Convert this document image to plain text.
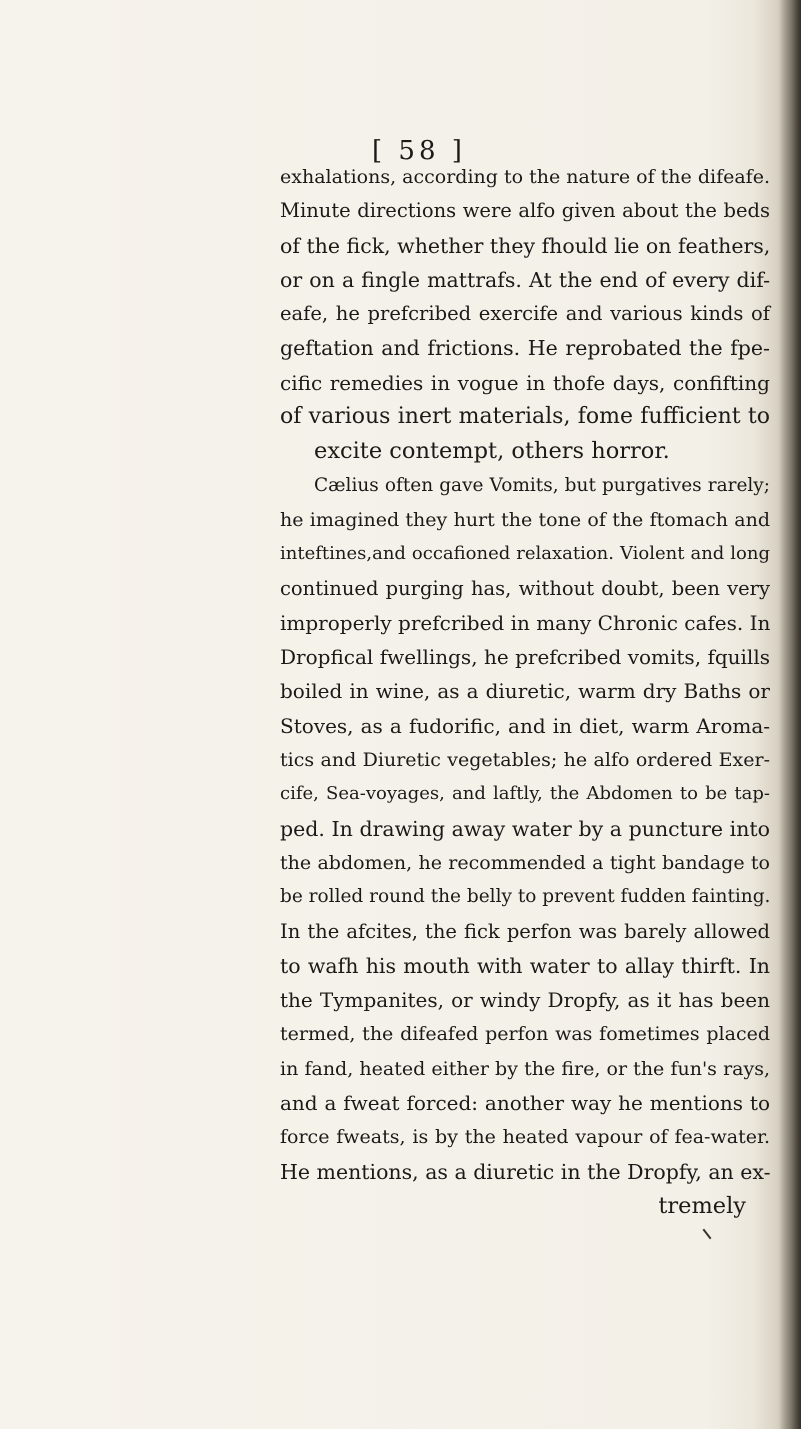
[ 58 ]
exhalations, according to the nature of the difeafe.
Minute directions were alfo given about the beds
of the fick, whether they fhould lie on feathers,
or on a fingle mattrafs. At the end of every dif-
eafe, he prefcribed exercife and various kinds of
geftation and frictions. He reprobated the fpe-
cific remedies in vogue in thofe days, confifting
of various inert materials, fome fufficient to
excite contempt, others horror.
Cælius often gave Vomits, but purgatives rarely;
he imagined they hurt the tone of the ftomach and
inteftines,and occafioned relaxation. Violent and long
continued purging has, without doubt, been very
improperly prefcribed in many Chronic cafes. In
Dropfical fwellings, he prefcribed vomits, fquills
boiled in wine, as a diuretic, warm dry Baths or
Stoves, as a fudorific, and in diet, warm Aroma-
tics and Diuretic vegetables; he alfo ordered Exer-
cife, Sea-voyages, and laftly, the Abdomen to be tap-
ped. In drawing away water by a puncture into
the abdomen, he recommended a tight bandage to
be rolled round the belly to prevent fudden fainting.
In the afcites, the fick perfon was barely allowed
to wafh his mouth with water to allay thirft. In
the Tympanites, or windy Dropfy, as it has been
termed, the difeafed perfon was fometimes placed
in fand, heated either by the fire, or the fun's rays,
and a fweat forced: another way he mentions to
force fweats, is by the heated vapour of fea-water.
He mentions, as a diuretic in the Dropfy, an ex-
tremely
